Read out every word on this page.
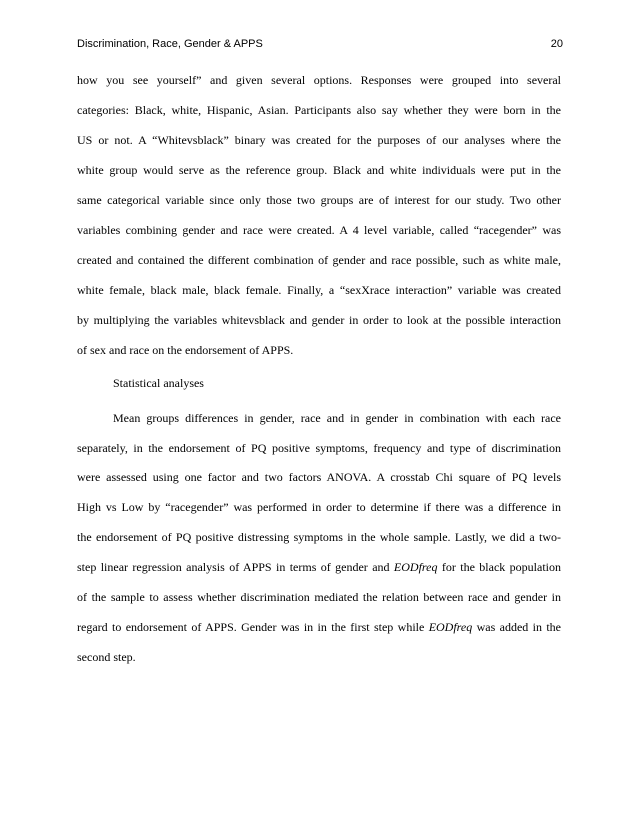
Discrimination, Race, Gender & APPS	20
how you see yourself” and given several options. Responses were grouped into several
categories: Black, white, Hispanic, Asian. Participants also say whether they were born in the
US or not. A “Whitevsblack” binary was created for the purposes of our analyses where the
white group would serve as the reference group. Black and white individuals were put in the
same categorical variable since only those two groups are of interest for our study. Two other
variables combining gender and race were created. A 4 level variable, called “racegender” was
created and contained the different combination of gender and race possible, such as white male,
white female, black male, black female. Finally, a “sexXrace interaction” variable was created
by multiplying the variables whitevsblack and gender in order to look at the possible interaction
of sex and race on the endorsement of APPS.
Statistical analyses
Mean groups differences in gender, race and in gender in combination with each race
separately, in the endorsement of PQ positive symptoms, frequency and type of discrimination
were assessed using one factor and two factors ANOVA. A crosstab Chi square of PQ levels
High vs Low by “racegender” was performed in order to determine if there was a difference in
the endorsement of PQ positive distressing symptoms in the whole sample. Lastly, we did a two-
step linear regression analysis of APPS in terms of gender and EODfreq for the black population
of the sample to assess whether discrimination mediated the relation between race and gender in
regard to endorsement of APPS. Gender was in in the first step while EODfreq was added in the
second step.
